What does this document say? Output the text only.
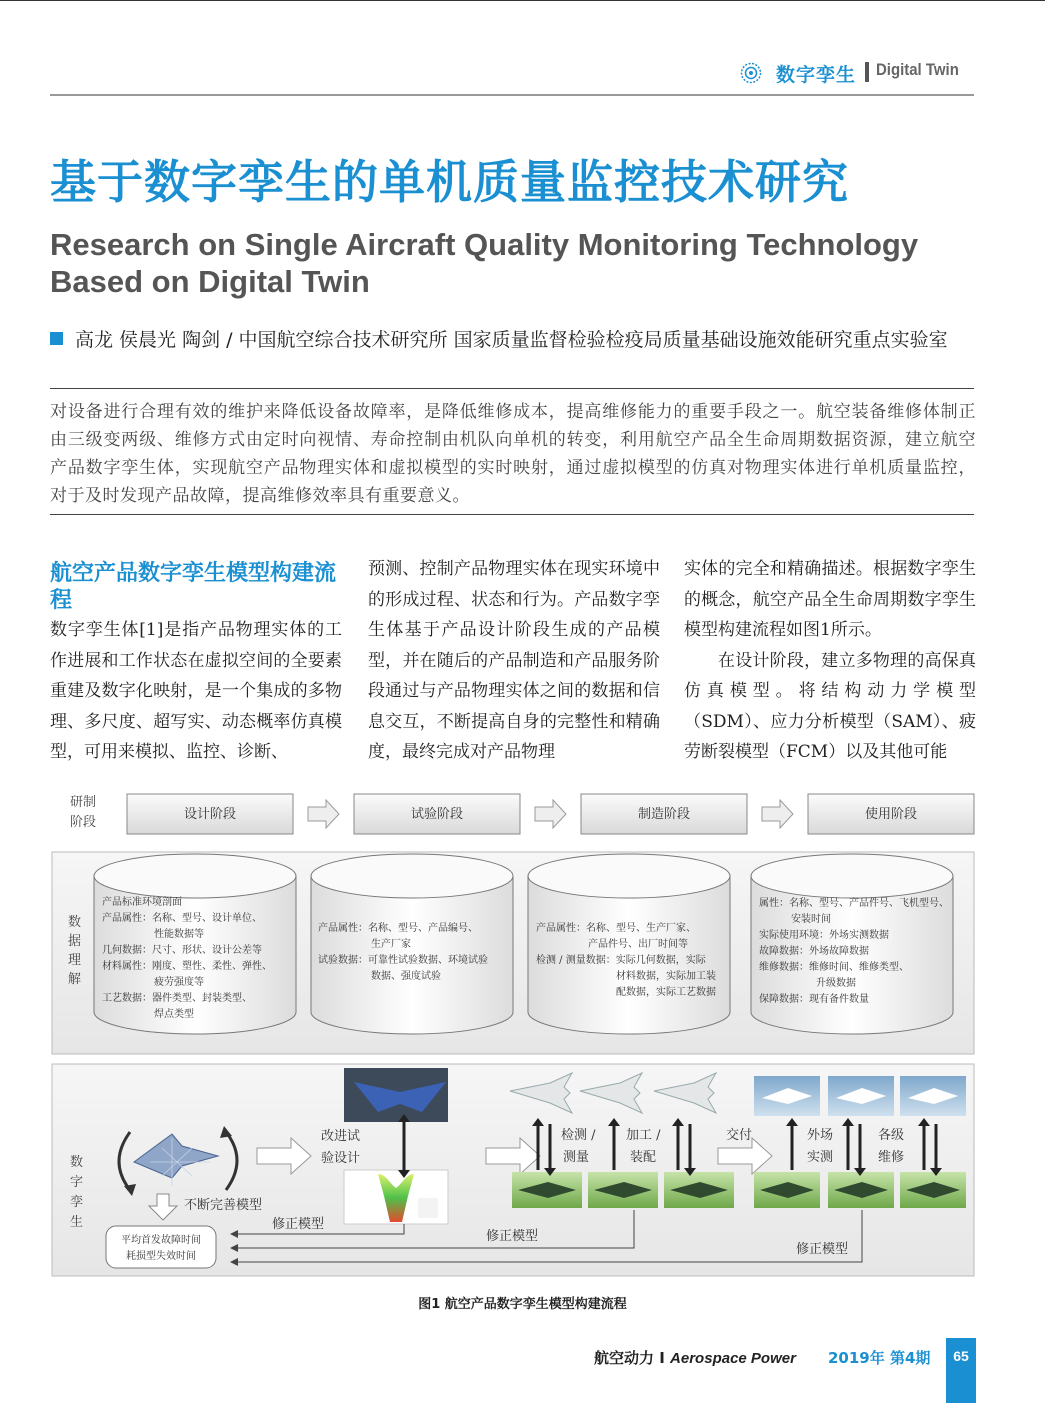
数字孪生 Digital Twin
基于数字孪生的单机质量监控技术研究
Research on Single Aircraft Quality Monitoring Technology Based on Digital Twin
高龙 侯晨光 陶剑 / 中国航空综合技术研究所 国家质量监督检验检疫局质量基础设施效能研究重点实验室
对设备进行合理有效的维护来降低设备故障率，是降低维修成本，提高维修能力的重要手段之一。航空装备维修体制正由三级变两级、维修方式由定时向视情、寿命控制由机队向单机的转变，利用航空产品全生命周期数据资源，建立航空产品数字孪生体，实现航空产品物理实体和虚拟模型的实时映射，通过虚拟模型的仿真对物理实体进行单机质量监控，对于及时发现产品故障，提高维修效率具有重要意义。
航空产品数字孪生模型构建流程
数字孪生体[1]是指产品物理实体的工作进展和工作状态在虚拟空间的全要素重建及数字化映射，是一个集成的多物理、多尺度、超写实、动态概率仿真模型，可用来模拟、监控、诊断、
预测、控制产品物理实体在现实环境中的形成过程、状态和行为。产品数字孪生体基于产品设计阶段生成的产品模型，并在随后的产品制造和产品服务阶段通过与产品物理实体之间的数据和信息交互，不断提高自身的完整性和精确度，最终完成对产品物理
实体的完全和精确描述。根据数字孪生的概念，航空产品全生命周期数字孪生模型构建流程如图1所示。
在设计阶段，建立多物理的高保真仿真模型。将结构动力学模型（SDM）、应力分析模型（SAM）、疲劳断裂模型（FCM）以及其他可能
研制
阶段
设计阶段	试验阶段	制造阶段	使用阶段
数
据
理
解
产品标准环境剖面
产品属性：名称、型号、设计单位、
性能数据等
几何数据：尺寸、形状、设计公差等
材料属性：刚度、塑性、柔性、弹性、
疲劳强度等
工艺数据：器件类型、封装类型、
焊点类型
产品属性：名称、型号、产品编号、
生产厂家
试验数据：可靠性试验数据、环境试验
数据、强度试验
产品属性：名称、型号、生产厂家、
产品件号、出厂时间等
检测 / 测量数据：实际几何数据，实际
材料数据，实际加工装
配数据，实际工艺数据
属性：名称、型号、产品件号、飞机型号、
安装时间
实际使用环境：外场实测数据
故障数据：外场故障数据
维修数据：维修时间、维修类型、
升级数据
保障数据：现有备件数量
数
字
孪
生
不断完善模型
改进试
验设计
检测 /
测量
加工 /
装配
交付	外场
实测
各级
维修
修正模型
修正模型
修正模型
平均首发故障时间
耗损型失效时间
图1 航空产品数字孪生模型构建流程
航空动力 I Aerospace Power 2019年 第4期	65
